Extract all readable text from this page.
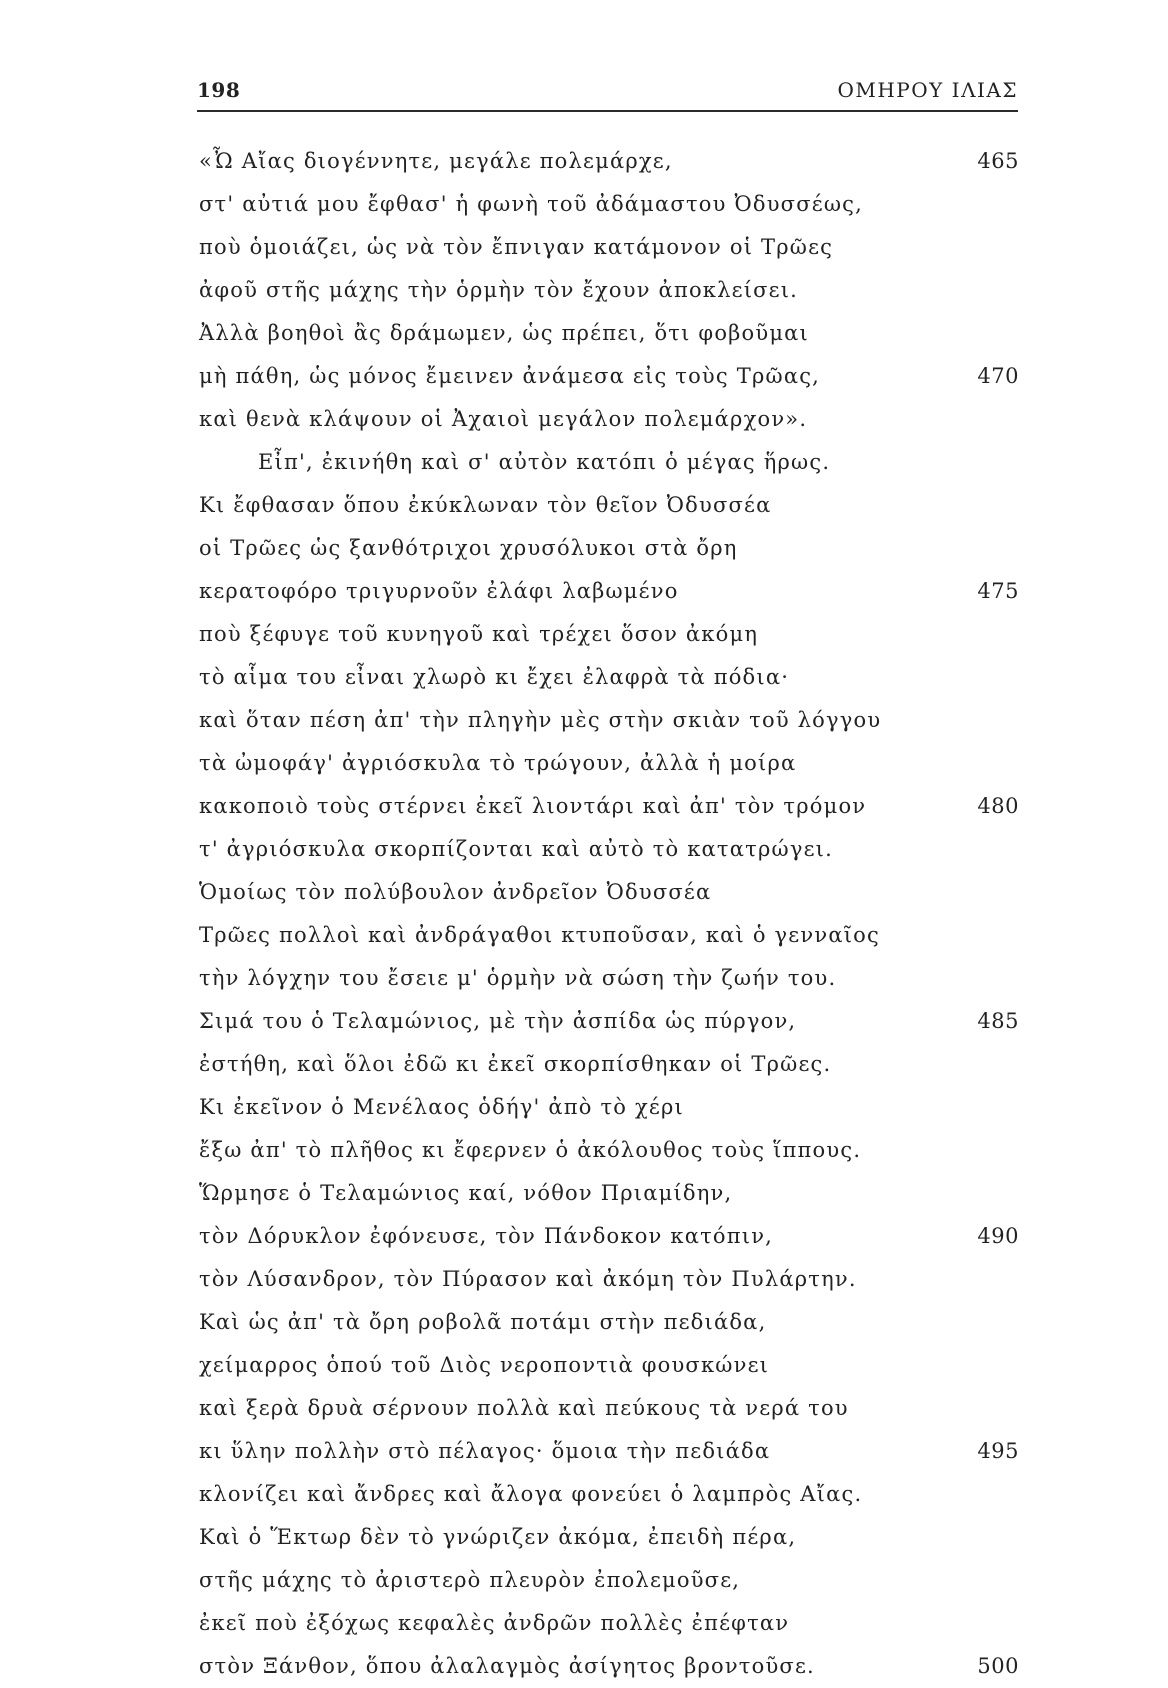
198	ΟΜΗΡΟΥ ΙΛΙΑΣ
«Ὦ Αἴας διογέννητε, μεγάλε πολεμάρχε,	465
στ' αὐτιά μου ἔφθασ' ἡ φωνὴ τοῦ ἀδάμαστου Ὀδυσσέως,
ποὺ ὁμοιάζει, ὡς νὰ τὸν ἔπνιγαν κατάμονον οἱ Τρῶες
ἀφοῦ στῆς μάχης τὴν ὁρμὴν τὸν ἔχουν ἀποκλείσει.
Ἀλλὰ βοηθοὶ ἂς δράμωμεν, ὡς πρέπει, ὅτι φοβοῦμαι
μὴ πάθη, ὡς μόνος ἔμεινεν ἀνάμεσα εἰς τοὺς Τρῶας,	470
καὶ θενὰ κλάψουν οἱ Ἀχαιοὶ μεγάλον πολεμάρχον».
Εἶπ', ἐκινήθη καὶ σ' αὐτὸν κατόπι ὁ μέγας ἥρως.
Κι ἔφθασαν ὅπου ἐκύκλωναν τὸν θεῖον Ὀδυσσέα
οἱ Τρῶες ὡς ξανθότριχοι χρυσόλυκοι στὰ ὄρη
κερατοφόρο τριγυρνοῦν ἐλάφι λαβωμένο	475
ποὺ ξέφυγε τοῦ κυνηγοῦ καὶ τρέχει ὅσον ἀκόμη
τὸ αἷμα του εἶναι χλωρὸ κι ἔχει ἐλαφρὰ τὰ πόδια·
καὶ ὅταν πέση ἀπ' τὴν πληγὴν μὲς στὴν σκιὰν τοῦ λόγγου
τὰ ὠμοφάγ' ἀγριόσκυλα τὸ τρώγουν, ἀλλὰ ἡ μοίρα
κακοποιὸ τοὺς στέρνει ἐκεῖ λιοντάρι καὶ ἀπ' τὸν τρόμον	480
τ' ἀγριόσκυλα σκορπίζονται καὶ αὐτὸ τὸ κατατρώγει.
Ὁμοίως τὸν πολύβουλον ἀνδρεῖον Ὀδυσσέα
Τρῶες πολλοὶ καὶ ἀνδράγαθοι κτυποῦσαν, καὶ ὁ γενναῖος
τὴν λόγχην του ἔσειε μ' ὁρμὴν νὰ σώση τὴν ζωήν του.
Σιμά του ὁ Τελαμώνιος, μὲ τὴν ἀσπίδα ὡς πύργον,	485
ἐστήθη, καὶ ὅλοι ἐδῶ κι ἐκεῖ σκορπίσθηκαν οἱ Τρῶες.
Κι ἐκεῖνον ὁ Μενέλαος ὁδήγ' ἀπὸ τὸ χέρι
ἔξω ἀπ' τὸ πλῆθος κι ἔφερνεν ὁ ἀκόλουθος τοὺς ἵππους.
Ὥρμησε ὁ Τελαμώνιος καί, νόθον Πριαμίδην,
τὸν Δόρυκλον ἐφόνευσε, τὸν Πάνδοκον κατόπιν,	490
τὸν Λύσανδρον, τὸν Πύρασον καὶ ἀκόμη τὸν Πυλάρτην.
Καὶ ὡς ἀπ' τὰ ὄρη ροβολᾶ ποτάμι στὴν πεδιάδα,
χείμαρρος ὁπού τοῦ Διὸς νεροποντιὰ φουσκώνει
καὶ ξερὰ δρυὰ σέρνουν πολλὰ καὶ πεύκους τὰ νερά του
κι ὕλην πολλὴν στὸ πέλαγος· ὅμοια τὴν πεδιάδα	495
κλονίζει καὶ ἄνδρες καὶ ἄλογα φονεύει ὁ λαμπρὸς Αἴας.
Καὶ ὁ Ἕκτωρ δὲν τὸ γνώριζεν ἀκόμα, ἐπειδὴ πέρα,
στῆς μάχης τὸ ἀριστερὸ πλευρὸν ἐπολεμοῦσε,
ἐκεῖ ποὺ ἐξόχως κεφαλὲς ἀνδρῶν πολλὲς ἐπέφταν
στὸν Ξάνθον, ὅπου ἀλαλαγμὸς ἀσίγητος βροντοῦσε.	500
